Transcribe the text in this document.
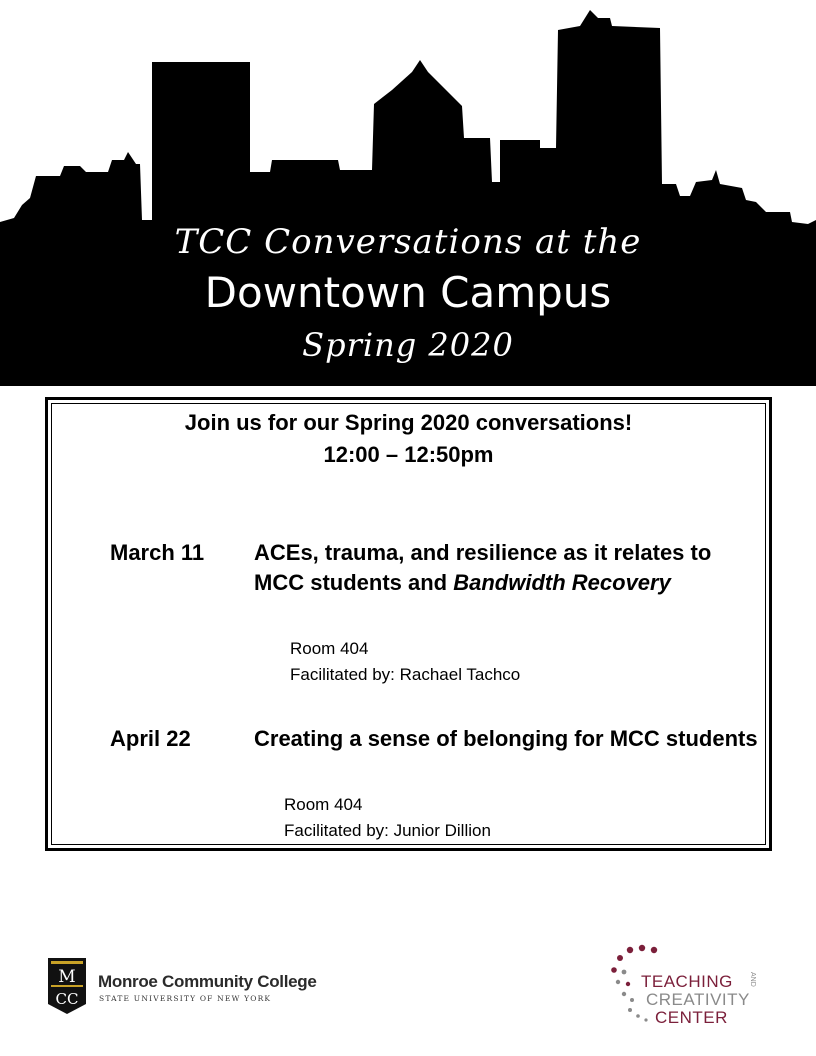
TCC Conversations at the
Downtown Campus
Spring 2020
Join us for our Spring 2020 conversations!
12:00 – 12:50pm
March 11 ACEs, trauma, and resilience as it relates to MCC students and Bandwidth Recovery
Room 404
Facilitated by: Rachael Tachco
April 22	Creating a sense of belonging for MCC students
Room 404
Facilitated by: Junior Dillion
M
CC
Monroe Community College
STATE UNIVERSITY OF NEW YORK
TEACHING AND
CREATIVITY
CENTER
